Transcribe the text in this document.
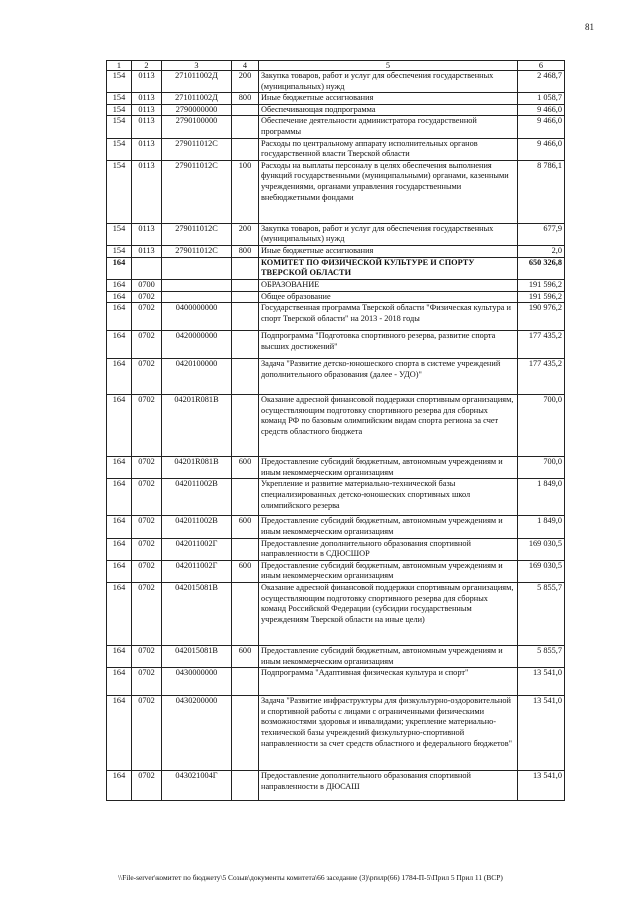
81
1	2	3	4	5	6
154	0113	271011002Д	200	Закупка товаров, работ и услуг для обеспечения государственных (муниципальных) нужд	2 468,7
154	0113	271011002Д	800	Иные бюджетные ассигнования	1 058,7
154	0113	2790000000		Обеспечивающая подпрограмма	9 466,0
154	0113	2790100000		Обеспечение деятельности администратора государственной программы	9 466,0
154	0113	279011012С		Расходы по центральному аппарату исполнительных органов государственной власти Тверской области	9 466,0
154	0113	279011012С	100	Расходы на выплаты персоналу в целях обеспечения выполнения функций государственными (муниципальными) органами, казенными учреждениями, органами управления государственными внебюджетными фондами	8 786,1
154	0113	279011012С	200	Закупка товаров, работ и услуг для обеспечения государственных (муниципальных) нужд	677,9
154	0113	279011012С	800	Иные бюджетные ассигнования	2,0
164				КОМИТЕТ ПО ФИЗИЧЕСКОЙ КУЛЬТУРЕ И СПОРТУ ТВЕРСКОЙ ОБЛАСТИ	650 326,8
164	0700			ОБРАЗОВАНИЕ	191 596,2
164	0702			Общее образование	191 596,2
164	0702	0400000000		Государственная программа Тверской области "Физическая культура и спорт Тверской области" на 2013 - 2018 годы	190 976,2
164	0702	0420000000		Подпрограмма "Подготовка спортивного резерва, развитие спорта высших достижений"	177 435,2
164	0702	0420100000		Задача "Развитие детско-юношеского спорта в системе учреждений дополнительного образования (далее - УДО)"	177 435,2
164	0702	04201R081В		Оказание адресной финансовой поддержки спортивным организациям, осуществляющим подготовку спортивного резерва для сборных команд РФ по базовым олимпийским видам спорта региона за счет средств областного бюджета	700,0
164	0702	04201R081В	600	Предоставление субсидий бюджетным, автономным учреждениям и иным некоммерческим организациям	700,0
164	0702	042011002В		Укрепление и развитие материально-технической базы специализированных детско-юношеских спортивных школ олимпийского резерва	1 849,0
164	0702	042011002В	600	Предоставление субсидий бюджетным, автономным учреждениям и иным некоммерческим организациям	1 849,0
164	0702	042011002Г		Предоставление дополнительного образования спортивной направленности в СДЮСШОР	169 030,5
164	0702	042011002Г	600	Предоставление субсидий бюджетным, автономным учреждениям и иным некоммерческим организациям	169 030,5
164	0702	042015081В		Оказание адресной финансовой поддержки спортивным организациям, осуществляющим подготовку спортивного резерва для сборных команд Российской Федерации (субсидии государственным учреждениям Тверской области на иные цели)	5 855,7
164	0702	042015081В	600	Предоставление субсидий бюджетным, автономным учреждениям и иным некоммерческим организациям	5 855,7
164	0702	0430000000		Подпрограмма "Адаптивная физическая культура и спорт"	13 541,0
164	0702	0430200000		Задача "Развитие инфраструктуры для физкультурно-оздоровительной и спортивной работы с лицами с ограниченными физическими возможностями здоровья и инвалидами; укрепление материально-технической базы учреждений физкультурно-спортивной направленности за счет средств областного и федерального бюджетов"	13 541,0
164	0702	043021004Г		Предоставление дополнительного образования спортивной направленности в ДЮСАШ	13 541,0
\\File-server\комитет по бюджету\5 Созыв\документы комитета\66 заседание (3)\prилр(66) 1784-П-5\Прил 5 Прил 11 (ВСР)
